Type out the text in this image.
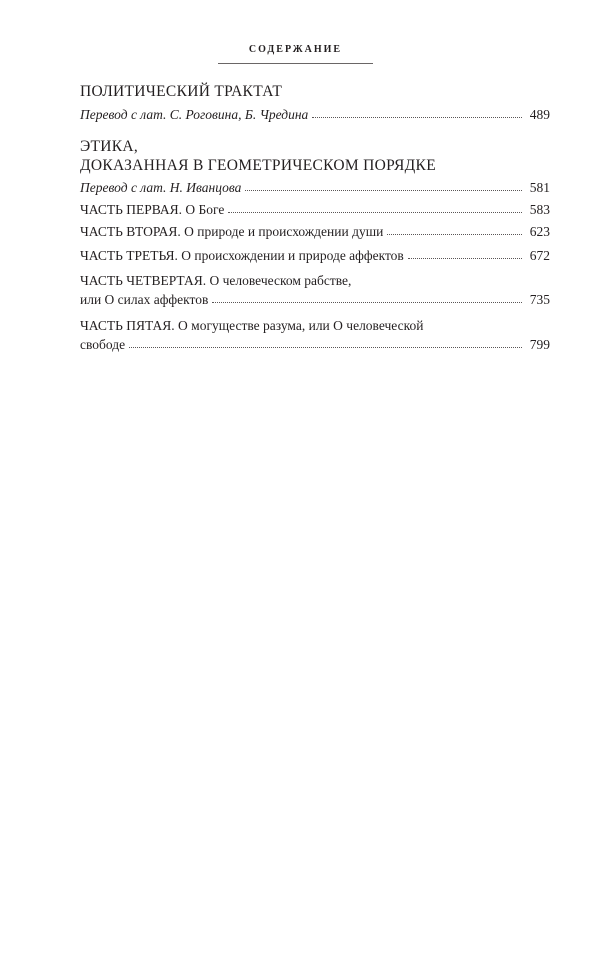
СОДЕРЖАНИЕ
ПОЛИТИЧЕСКИЙ ТРАКТАТ
Перевод с лат. С. Роговина, Б. Чредина	489
ЭТИКА,
ДОКАЗАННАЯ В ГЕОМЕТРИЧЕСКОМ ПОРЯДКЕ
Перевод с лат. Н. Иванцова	581
ЧАСТЬ ПЕРВАЯ. О Боге	583
ЧАСТЬ ВТОРАЯ. О природе и происхождении души	623
ЧАСТЬ ТРЕТЬЯ. О происхождении и природе аффектов	672
ЧАСТЬ ЧЕТВЕРТАЯ. О человеческом рабстве,
или О силах аффектов	735
ЧАСТЬ ПЯТАЯ. О могуществе разума, или О человеческой
свободе	799
